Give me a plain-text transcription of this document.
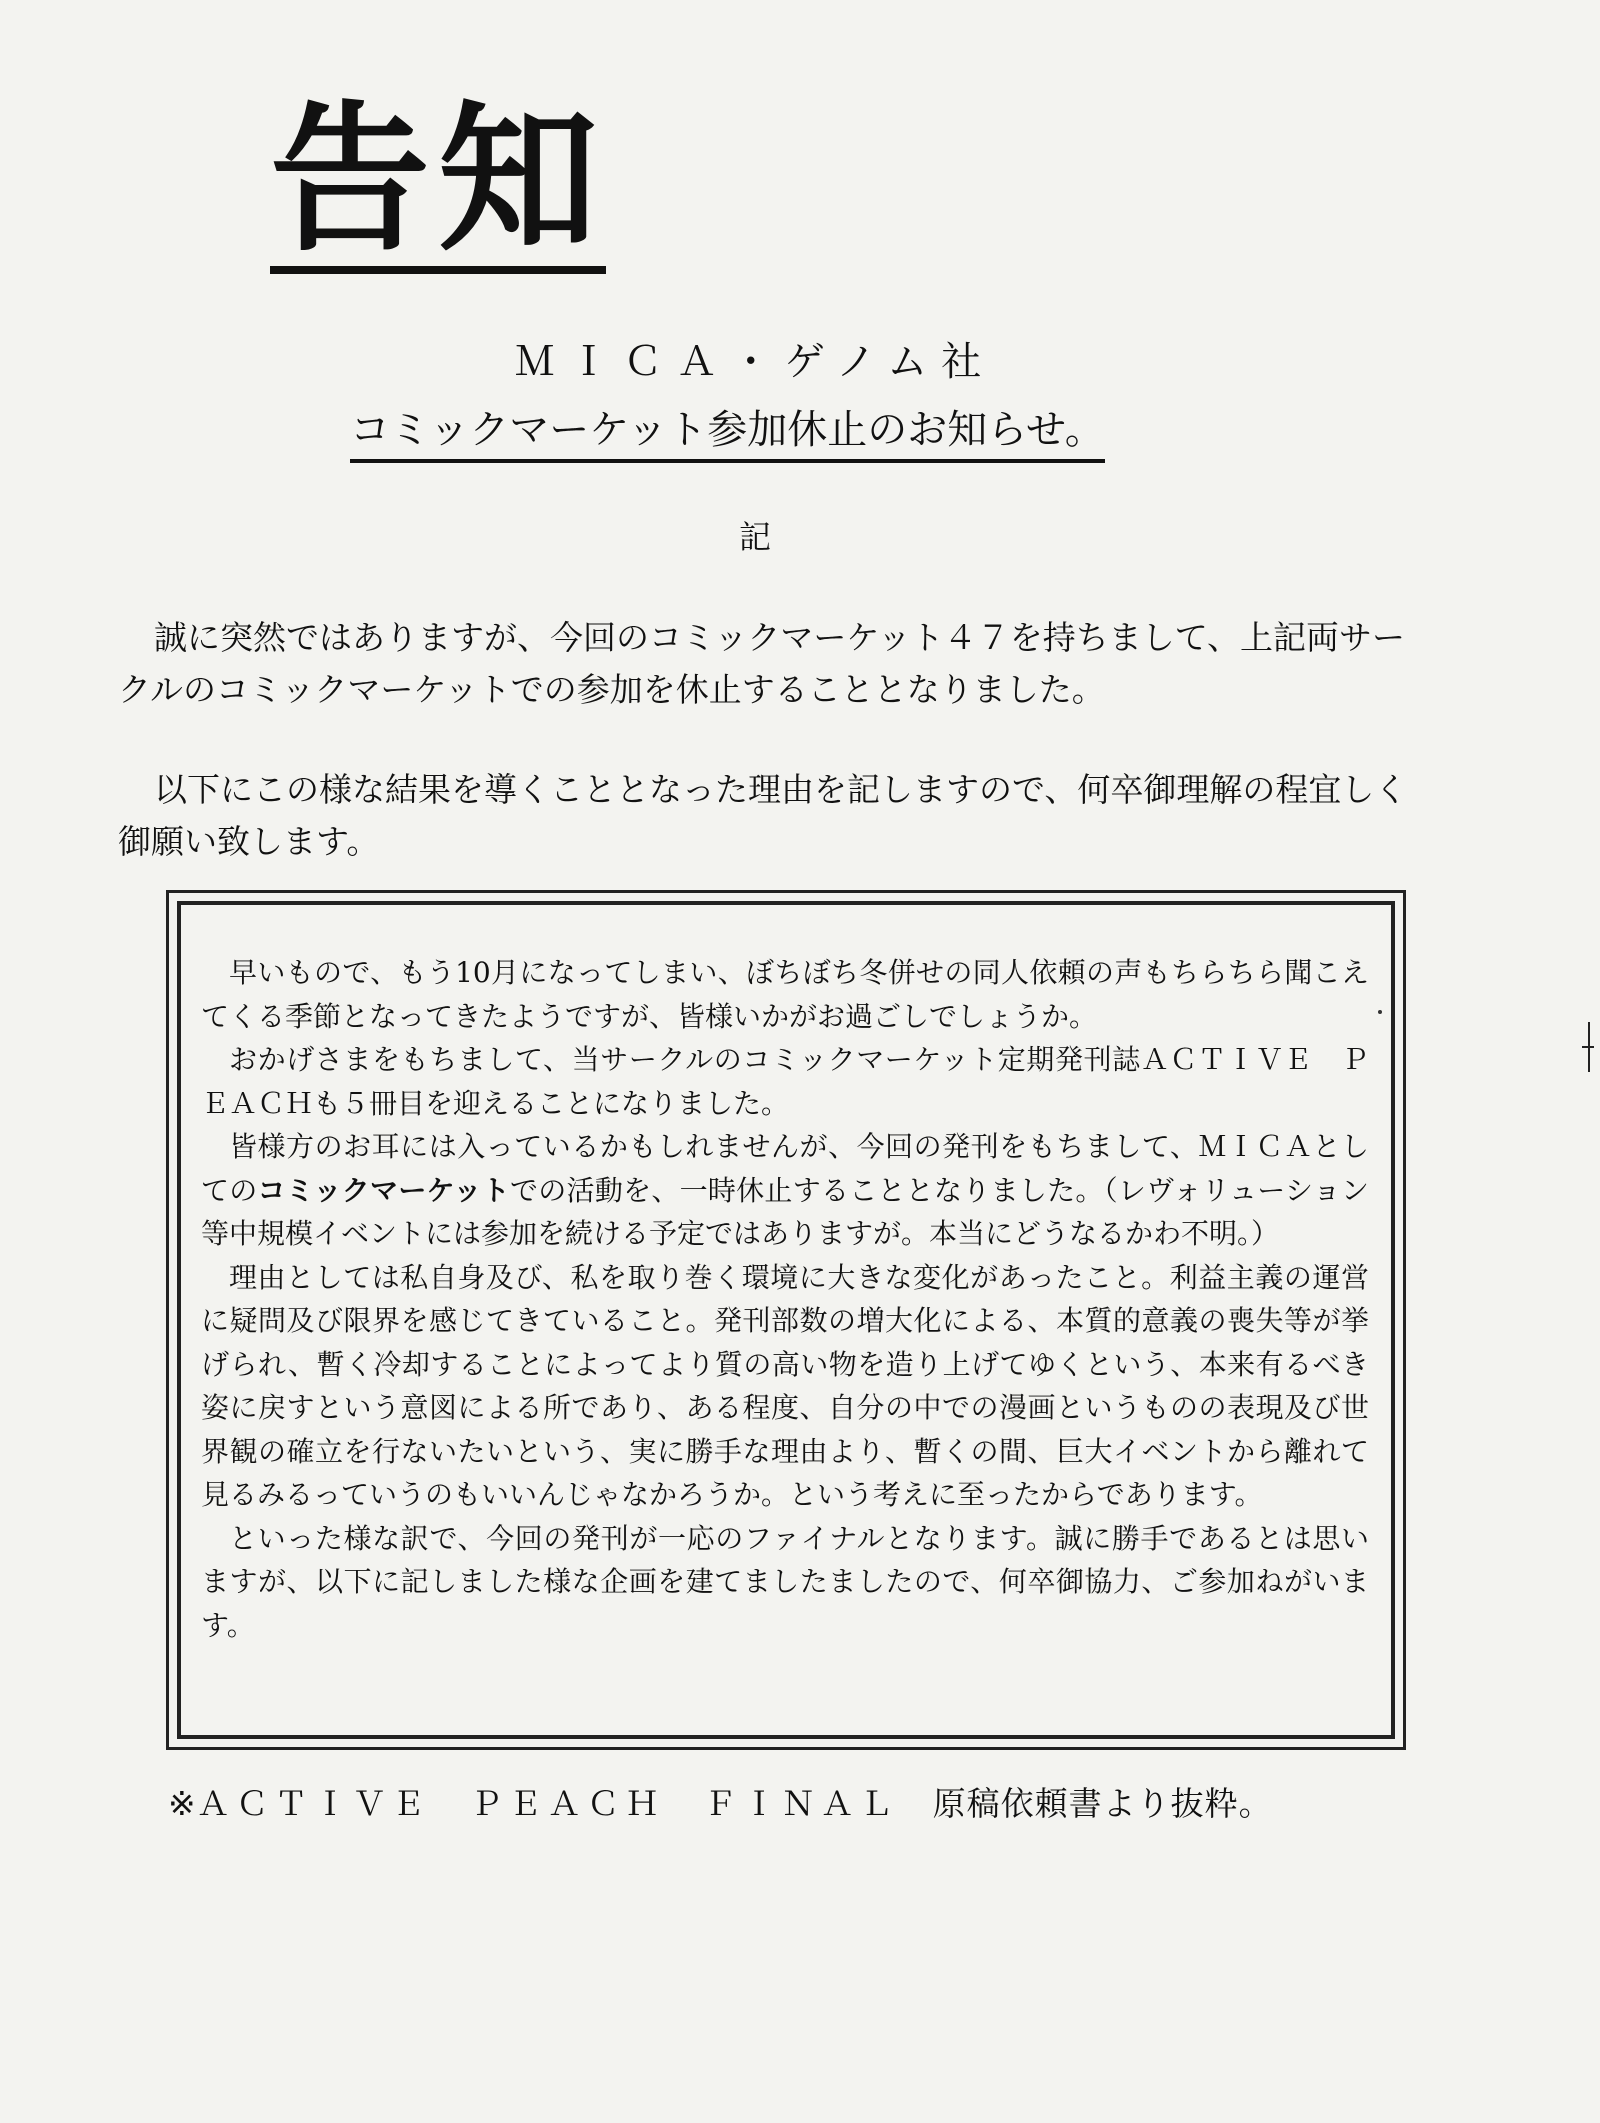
告知
ＭＩＣＡ・ゲノム社
コミックマーケット参加休止のお知らせ。
記
誠に突然ではありますが、今回のコミックマーケット４７を持ちまして、上記両サークルのコミックマーケットでの参加を休止することとなりました。
以下にこの様な結果を導くこととなった理由を記しますので、何卒御理解の程宜しく御願い致します。

早いもので、もう10月になってしまい、ぼちぼち冬併せの同人依頼の声もちらちら聞こえてくる季節となってきたようですが、皆様いかがお過ごしでしょうか。

おかげさまをもちまして、当サークルのコミックマーケット定期発刊誌ＡＣＴＩＶＥ　ＰＥＡＣＨも５冊目を迎えることになりました。

皆様方のお耳には入っているかもしれませんが、今回の発刊をもちまして、ＭＩＣＡとしてのコミックマーケットでの活動を、一時休止することとなりました。（レヴォリューション等中規模イベントには参加を続ける予定ではありますが。本当にどうなるかわ不明。）

理由としては私自身及び、私を取り巻く環境に大きな変化があったこと。利益主義の運営に疑問及び限界を感じてきていること。発刊部数の増大化による、本質的意義の喪失等が挙げられ、暫く冷却することによってより質の高い物を造り上げてゆくという、本来有るべき姿に戻すという意図による所であり、ある程度、自分の中での漫画というものの表現及び世界観の確立を行ないたいという、実に勝手な理由より、暫くの間、巨大イベントから離れて見るみるっていうのもいいんじゃなかろうか。という考えに至ったからであります。

といった様な訳で、今回の発刊が一応のファイナルとなります。誠に勝手であるとは思いますが、以下に記しました様な企画を建てましたましたので、何卒御協力、ご参加ねがいます。

※ＡＣＴＩＶＥ　ＰＥＡＣＨ　ＦＩＮＡＬ　原稿依頼書より抜粋。
